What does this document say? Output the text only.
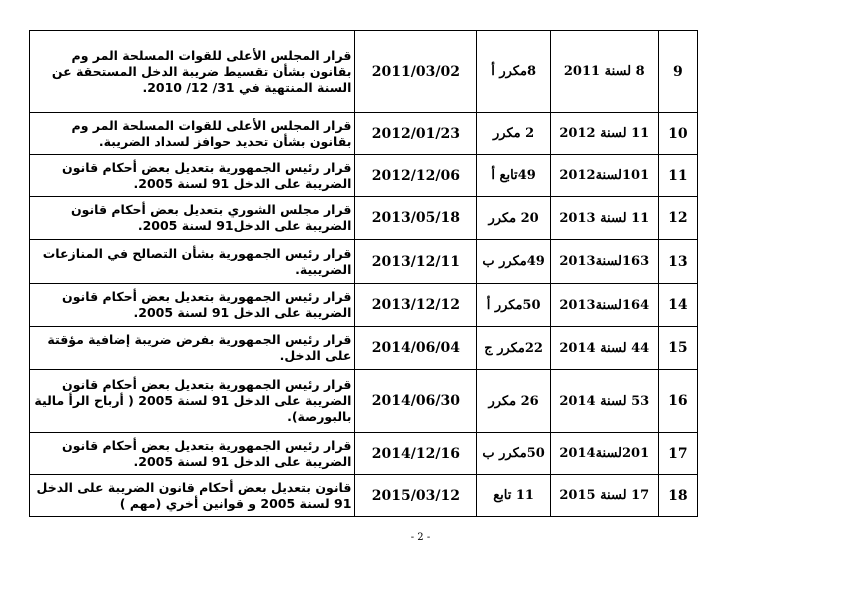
قرار المجلس الأعلى للقوات المسلحة المر وم بقانون بشأن تقسيط ضريبة الدخل المستحقة عن السنة المنتهية في 31/ 12/ 2010.	2011/03/02	8مكرر أ	8 لسنة 2011	9
قرار المجلس الأعلى للقوات المسلحة المر وم بقانون بشأن تحديد حوافز لسداد الضريبة.	2012/01/23	2 مكرر	11 لسنة 2012	10
قرار رئيس الجمهورية بتعديل بعض أحكام قانون الضريبة على الدخل 91 لسنة 2005.	2012/12/06	49تابع أ	101لسنة2012	11
قرار مجلس الشوري بتعديل بعض أحكام قانون الضريبة على الدخل91 لسنة 2005.	2013/05/18	20 مكرر	11 لسنة 2013	12
قرار رئيس الجمهورية بشأن التصالح في المنازعات الضريبية.	2013/12/11	49مكرر ب	163لسنة2013	13
قرار رئيس الجمهورية بتعديل بعض أحكام قانون الضريبة على الدخل 91 لسنة 2005.	2013/12/12	50مكرر أ	164لسنة2013	14
قرار رئيس الجمهورية بفرض ضريبة إضافية مؤقتة على الدخل.	2014/06/04	22مكرر ج	44 لسنة 2014	15
قرار رئيس الجمهورية بتعديل بعض أحكام قانون الضريبة على الدخل 91 لسنة 2005 ( أرباح الرأ مالية بالبورصة).	2014/06/30	26 مكرر	53 لسنة 2014	16
قرار رئيس الجمهورية بتعديل بعض أحكام قانون الضريبة على الدخل 91 لسنة 2005.	2014/12/16	50مكرر ب	201لسنة2014	17
قانون بتعديل بعض أحكام قانون الضريبة على الدخل 91 لسنة 2005 و قوانين أخري (مهم )	2015/03/12	11 تابع	17 لسنة 2015	18
- 2 -
